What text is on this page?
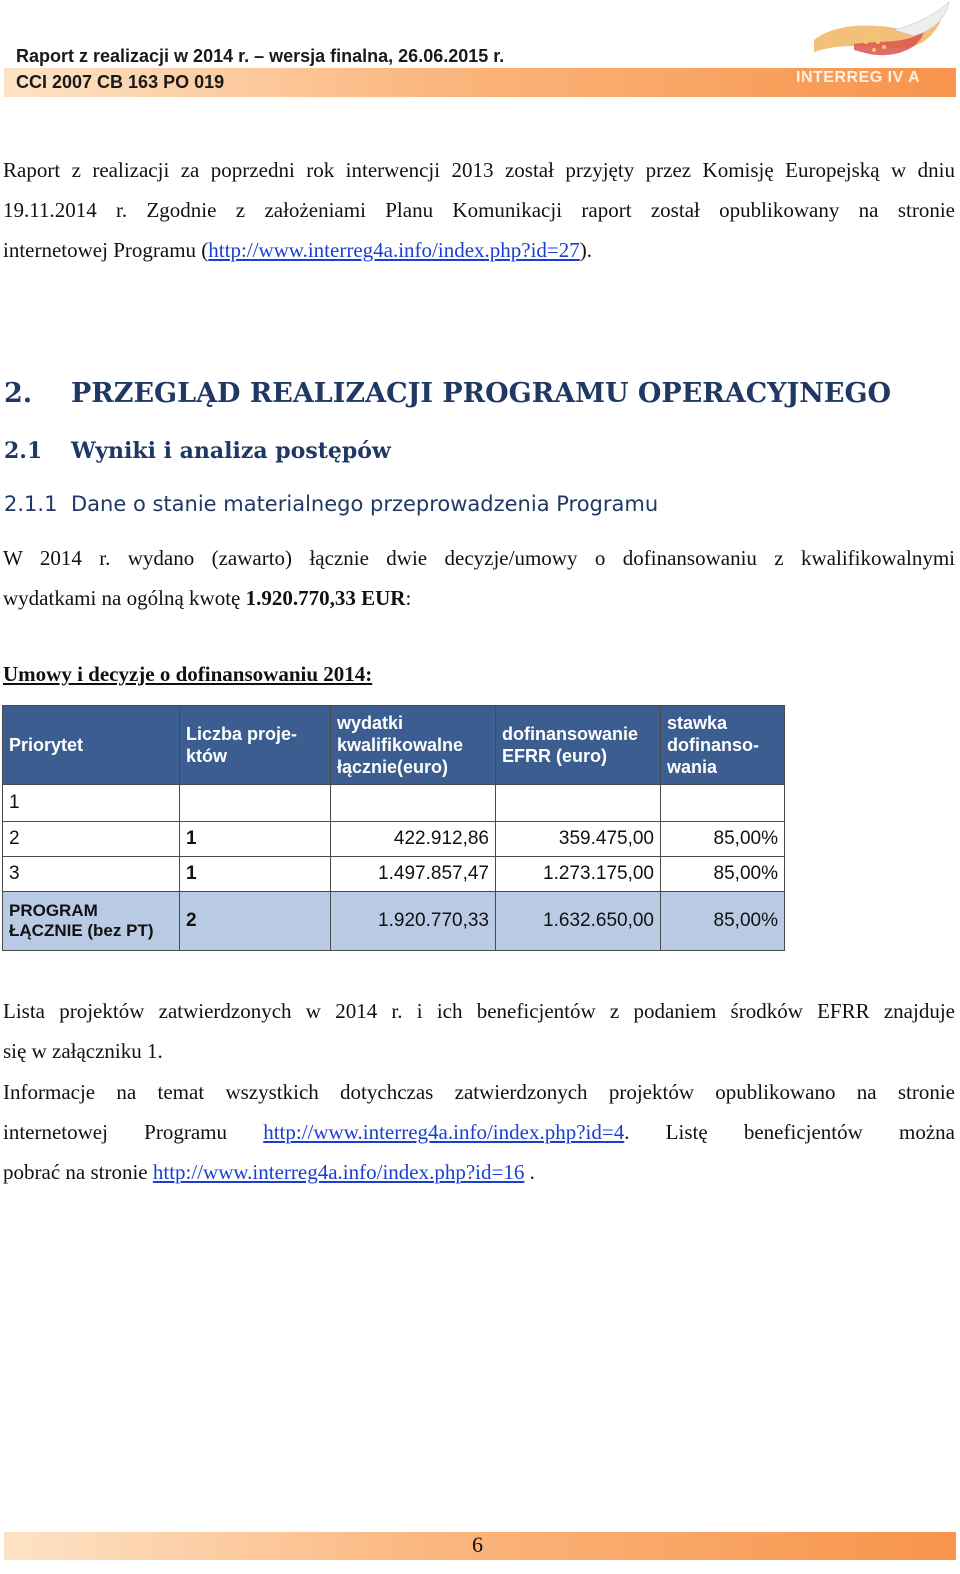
Raport z realizacji w 2014 r. – wersja finalna, 26.06.2015 r.
CCI 2007 CB 163 PO 019	INTERREG IV A
Raport z realizacji za poprzedni rok interwencji 2013 został przyjęty przez Komisję Europejską w dniu
19.11.2014 r. Zgodnie z założeniami Planu Komunikacji raport został opublikowany na stronie
internetowej Programu (http://www.interreg4a.info/index.php?id=27).
2. PRZEGLĄD REALIZACJI PROGRAMU OPERACYJNEGO
2.1 Wyniki i analiza postępów
2.1.1 Dane o stanie materialnego przeprowadzenia Programu
W 2014 r. wydano (zawarto) łącznie dwie decyzje/umowy o dofinansowaniu z kwalifikowalnymi
wydatkami na ogólną kwotę 1.920.770,33 EUR:
Umowy i decyzje o dofinansowaniu 2014:
Priorytet	Liczba proje-któw	wydatki kwalifikowalne łącznie(euro)	dofinansowanie EFRR (euro)	stawka dofinanso-wania
1				
2	1	422.912,86	359.475,00	85,00%
3	1	1.497.857,47	1.273.175,00	85,00%
PROGRAM ŁĄCZNIE (bez PT)	2	1.920.770,33	1.632.650,00	85,00%
Lista projektów zatwierdzonych w 2014 r. i ich beneficjentów z podaniem środków EFRR znajduje
się w załączniku 1.
Informacje na temat wszystkich dotychczas zatwierdzonych projektów opublikowano na stronie
internetowej Programu http://www.interreg4a.info/index.php?id=4. Listę beneficjentów można
pobrać na stronie http://www.interreg4a.info/index.php?id=16 .
6
